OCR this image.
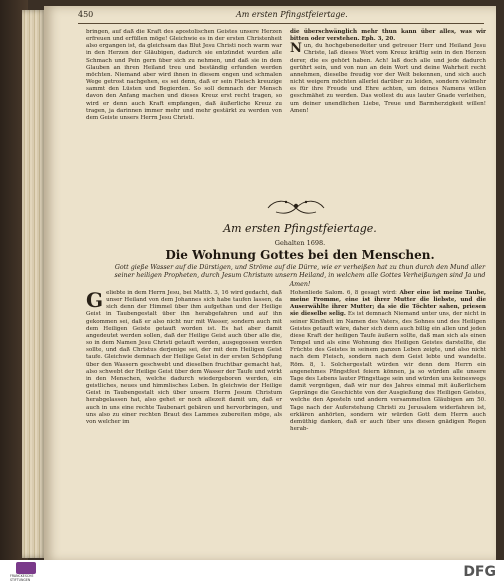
450	Am ersten Pfingstfeiertage.
bringen, auf daß die Kraft des apostolischen Geistes unsere Herzen erfreuen und erfüllen möge! Gleichwie es in der ersten Christenheit also ergangen ist, da gleichsam das Blut Jesu Christi noch warm war in den Herzen der Gläubigen, dadurch sie entzündet wurden alle Schmach und Pein gern über sich zu nehmen, und daß sie in dem Glauben an ihren Heiland treu und beständig erfunden werden möchten. Niemand aber wird ihnen in diesem engen und schmalen Wege getrost nachgehen, es sei denn, daß er sein Fleisch kreuzige sammt den Lüsten und Begierden. So soll demnach der Mensch davon den Anfang machen und dieses Kreuz erst recht tragen, so wird er denn auch Kraft empfangen, daß äußerliche Kreuz zu tragen, ja darinnen immer mehr und mehr gestärkt zu werden von dem Geiste unsers Herrn Jesu Christi.
die überschwänglich mehr thun kann über alles, was wir bitten oder verstehen. Eph. 3, 20.

N un, du hochgebenedeiter und getreuer Herr und Heiland Jesu Christe, laß dieses Wort vom Kreuz kräftig sein in den Herzen derer, die es gehört haben. Ach! laß doch alle und jede dadurch gerührt sein, und von nun an dein Wort und deine Wahrheit recht annehmen, dieselbe freudig vor der Welt bekennen, und sich auch nicht weigern möchten allerlei darüber zu leiden, sondern vielmehr es für ihre Freude und Ehre achten, um deines Namens willen geschmähet zu werden. Das wollest du aus lauter Gnade verleihen, um deiner unendlichen Liebe, Treue und Barmherzigkeit willen! Amen!
Am ersten Pfingstfeiertage.
Gehalten 1698.
Die Wohnung Gottes bei den Menschen.
Gott gieße Wasser auf die Dürstigen, und Ströme auf die Dürre, wie er verheißen hat zu thun durch den Mund aller seiner heiligen Propheten, durch Jesum Christum unsern Heiland, in welchem alle Gottes Verheißungen sind Ja und Amen!
G eliebte in dem Herrn Jesu, bei Matth. 3, 16 wird gedacht, daß unser Heiland von dem Johannes sich habe taufen lassen, da sich denn der Himmel über ihm aufgethan und der Heilige Geist in Taubengestalt über ihn herabgefahren und auf ihn gekommen sei, daß er also nicht nur mit Wasser, sondern auch mit dem Heiligen Geiste getauft worden ist. Es hat aber damit angedeutet werden sollen, daß der Heilige Geist auch über alle die, so in dem Namen Jesu Christi getauft werden, ausgegossen werden sollte, und daß Christus derjenige sei, der mit dem Heiligen Geist taufe. Gleichwie demnach der Heilige Geist in der ersten Schöpfung über den Wassern geschwebt und dieselben fruchtbar gemacht hat, also schwebt der Heilige Geist über dem Wasser der Taufe und wirkt in den Menschen, welche dadurch wiedergeboren werden, ein geistliches, neues und himmlisches Leben. In gleichwie der Heilige Geist in Taubengestalt sich über unsern Herrn Jesum Christum herabgelassen hat, also gehet er noch allezeit damit um, daß er auch in uns eine rechte Taubenart gebären und hervorbringen, und uns also zu einer rechten Braut des Lammes zubereiten möge, als von welcher im
Hohenliede Salom. 6, 8 gesagt wird: Aber eine ist meine Taube, meine Fromme, eine ist ihrer Mutter die liebste, und die Auserwählte ihrer Mutter; da sie die Töchter sahen, priesen sie dieselbe selig. Es ist demnach Niemand unter uns, der nicht in seiner Kindheit im Namen des Vaters, des Sohnes und des Heiligen Geistes getauft wäre, daher sich denn auch billig ein allen und jeden diese Kraft der heiligen Taufe äußern sollte, daß man sich als einen Tempel und als eine Wohnung des Heiligen Geistes darstellte, die Früchte des Geistes in seinem ganzen Leben zeigte, und also nicht nach dem Fleisch, sondern nach dem Geist lebte und wandelte. Röm. 8, 1. Solchergestalt würden wir denn dem Herrn ein angenehmes Pfingstfest feiern können, ja so würden alle unsere Tage des Lebens lauter Pfingsttage sein und würden uns keineswegs damit vergnügen, daß wir nur des Jahres einmal mit äußerlichem Gepränge die Geschichte von der Ausgießung des Heiligen Geistes, welche den Aposteln und andern versammelten Gläubigen am 50. Tage nach der Auferstehung Christi zu Jerusalem widerfahren ist, erklären anhörten, sondern wir würden Gott dem Herrn auch demüthig danken, daß er auch über uns diesen gnädigen Regen herab-
FRANCKESCHE STIFTUNGEN	DFG
